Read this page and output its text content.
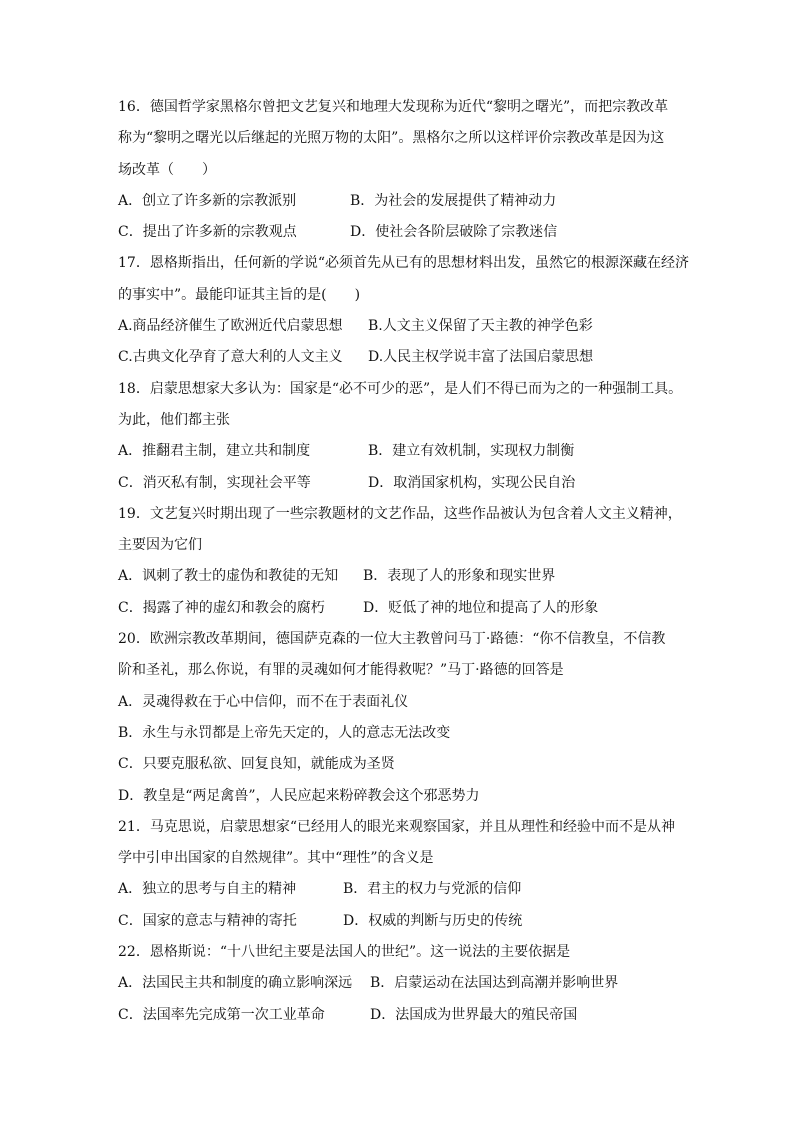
16．德国哲学家黑格尔曾把文艺复兴和地理大发现称为近代“黎明之曙光”，而把宗教改革
称为“黎明之曙光以后继起的光照万物的太阳”。黑格尔之所以这样评价宗教改革是因为这
场改革（　　）
A．创立了许多新的宗教派别	B．为社会的发展提供了精神动力
C．提出了许多新的宗教观点	D．使社会各阶层破除了宗教迷信
17．恩格斯指出，任何新的学说“必须首先从已有的思想材料出发，虽然它的根源深藏在经济
的事实中”。最能印证其主旨的是(　　)
A.商品经济催生了欧洲近代启蒙思想 B.人文主义保留了天主教的神学色彩
C.古典文化孕育了意大利的人文主义 D.人民主权学说丰富了法国启蒙思想
18．启蒙思想家大多认为：国家是“必不可少的恶”，是人们不得已而为之的一种强制工具。
为此，他们都主张
A．推翻君主制，建立共和制度	B．建立有效机制，实现权力制衡
C．消灭私有制，实现社会平等	D．取消国家机构，实现公民自治
19．文艺复兴时期出现了一些宗教题材的文艺作品，这些作品被认为包含着人文主义精神，
主要因为它们
A．讽刺了教士的虚伪和教徒的无知 B．表现了人的形象和现实世界
C．揭露了神的虚幻和教会的腐朽	D．贬低了神的地位和提高了人的形象
20．欧洲宗教改革期间，德国萨克森的一位大主教曾问马丁·路德：“你不信教皇，不信教
阶和圣礼，那么你说，有罪的灵魂如何才能得救呢？”马丁·路德的回答是
A．灵魂得救在于心中信仰，而不在于表面礼仪
B．永生与永罚都是上帝先天定的，人的意志无法改变
C．只要克服私欲、回复良知，就能成为圣贤
D．教皇是“两足禽兽”，人民应起来粉碎教会这个邪恶势力
21．马克思说，启蒙思想家“已经用人的眼光来观察国家，并且从理性和经验中而不是从神
学中引申出国家的自然规律”。其中“理性”的含义是
A．独立的思考与自主的精神	B．君主的权力与党派的信仰
C．国家的意志与精神的寄托	D．权威的判断与历史的传统
22．恩格斯说：“十八世纪主要是法国人的世纪”。这一说法的主要依据是
A．法国民主共和制度的确立影响深远 B．启蒙运动在法国达到高潮并影响世界
C．法国率先完成第一次工业革命	D．法国成为世界最大的殖民帝国
